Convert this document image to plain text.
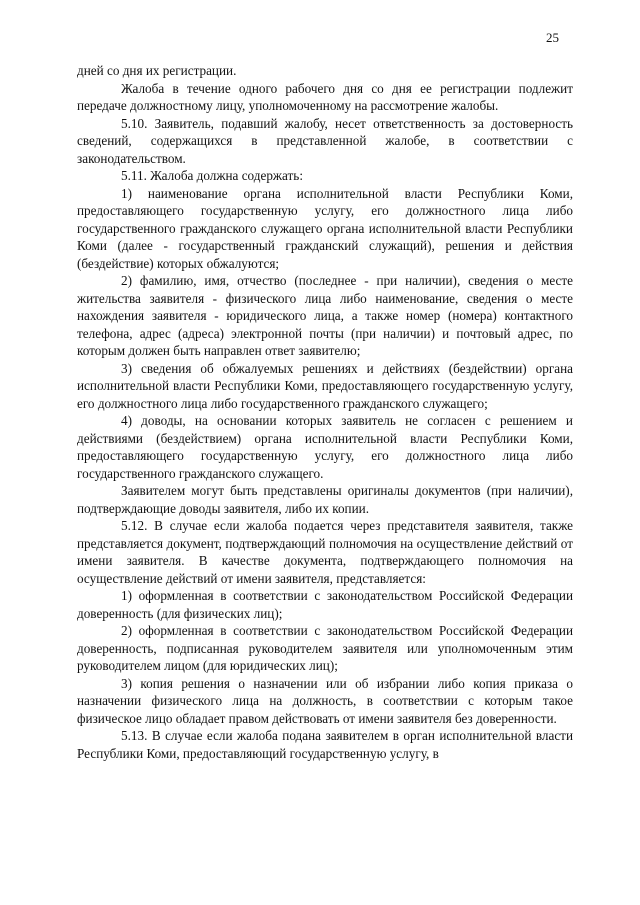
25

дней со дня их регистрации.

Жалоба в течение одного рабочего дня со дня ее регистрации подлежит передаче должностному лицу, уполномоченному на рассмотрение жалобы.

5.10. Заявитель, подавший жалобу, несет ответственность за достоверность сведений, содержащихся в представленной жалобе, в соответствии с законодательством.

5.11. Жалоба должна содержать:

1) наименование органа исполнительной власти Республики Коми, предоставляющего государственную услугу, его должностного лица либо государственного гражданского служащего органа исполнительной власти Республики Коми (далее - государственный гражданский служащий), решения и действия (бездействие) которых обжалуются;

2) фамилию, имя, отчество (последнее - при наличии), сведения о месте жительства заявителя - физического лица либо наименование, сведения о месте нахождения заявителя - юридического лица, а также номер (номера) контактного телефона, адрес (адреса) электронной почты (при наличии) и почтовый адрес, по которым должен быть направлен ответ заявителю;

3) сведения об обжалуемых решениях и действиях (бездействии) органа исполнительной власти Республики Коми, предоставляющего государственную услугу, его должностного лица либо государственного гражданского служащего;

4) доводы, на основании которых заявитель не согласен с решением и действиями (бездействием) органа исполнительной власти Республики Коми, предоставляющего государственную услугу, его должностного лица либо государственного гражданского служащего.

Заявителем могут быть представлены оригиналы документов (при наличии), подтверждающие доводы заявителя, либо их копии.

5.12. В случае если жалоба подается через представителя заявителя, также представляется документ, подтверждающий полномочия на осуществление действий от имени заявителя. В качестве документа, подтверждающего полномочия на осуществление действий от имени заявителя, представляется:

1) оформленная в соответствии с законодательством Российской Федерации доверенность (для физических лиц);

2) оформленная в соответствии с законодательством Российской Федерации доверенность, подписанная руководителем заявителя или уполномоченным этим руководителем лицом (для юридических лиц);

3) копия решения о назначении или об избрании либо копия приказа о назначении физического лица на должность, в соответствии с которым такое физическое лицо обладает правом действовать от имени заявителя без доверенности.

5.13. В случае если жалоба подана заявителем в орган исполнительной власти Республики Коми, предоставляющий государственную услугу, в
